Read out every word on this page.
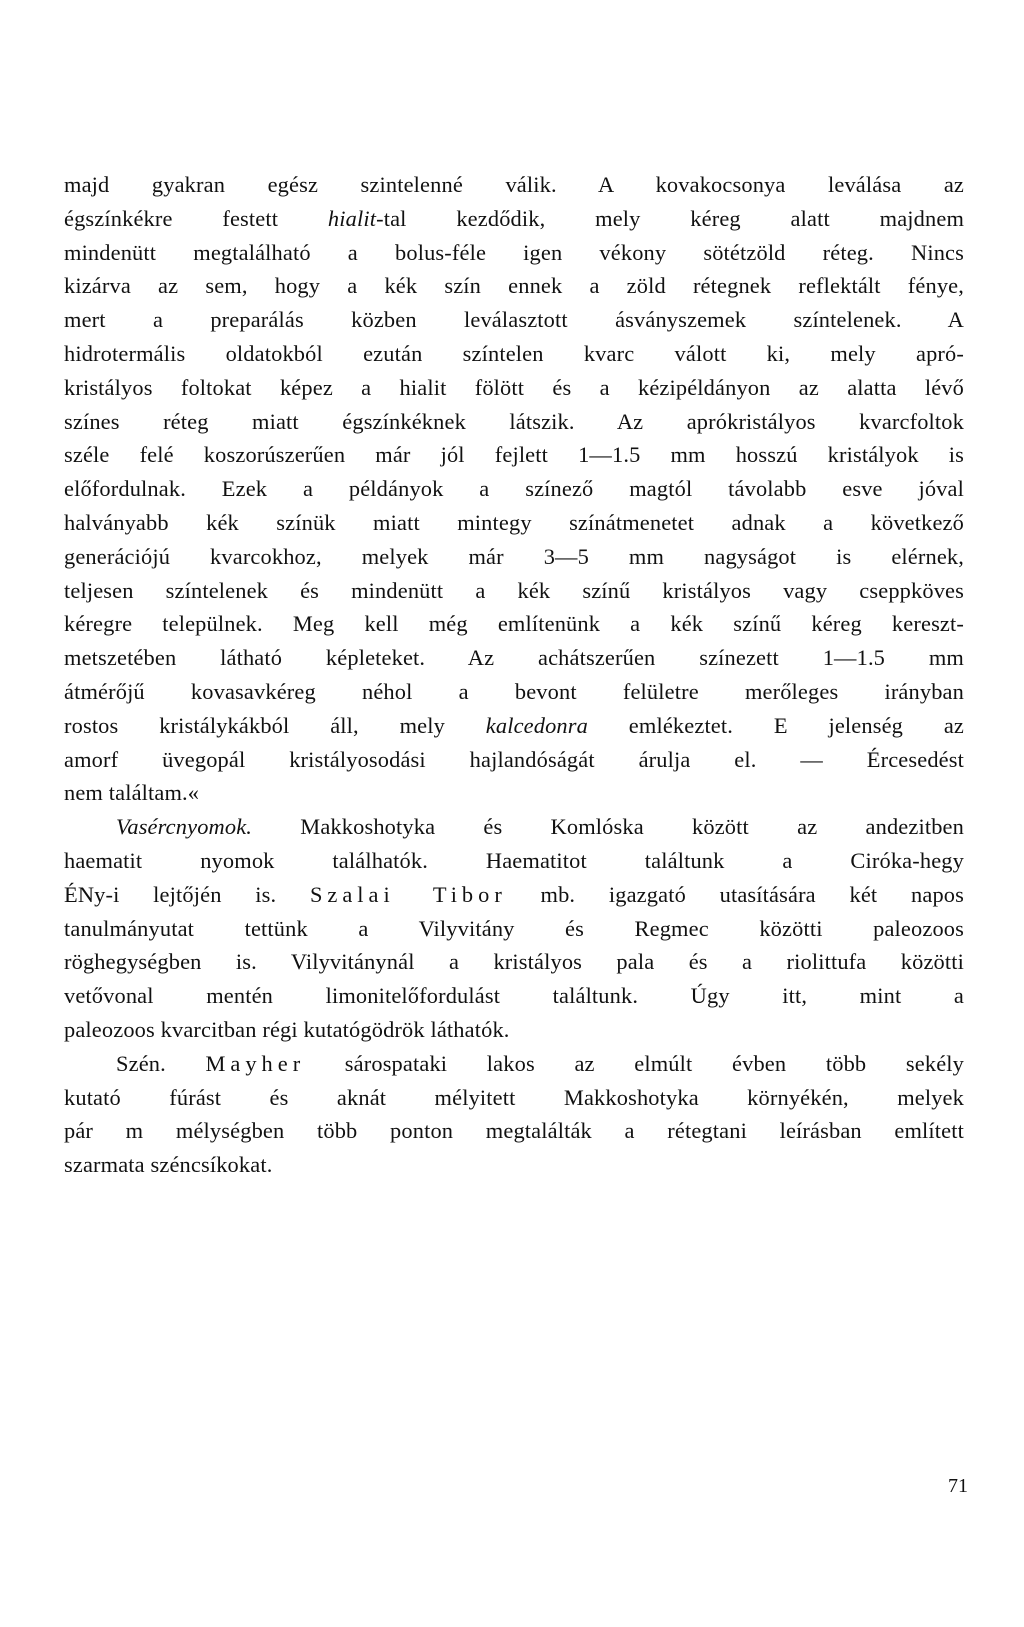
majd gyakran egész szintelenné válik. A kovakocsonya leválása az
égszínkékre festett hialit-tal kezdődik, mely kéreg alatt majdnem
mindenütt megtalálható a bolus-féle igen vékony sötétzöld réteg. Nincs
kizárva az sem, hogy a kék szín ennek a zöld rétegnek reflektált fénye,
mert a preparálás közben leválasztott ásványszemek színtelenek. A
hidrotermális oldatokból ezután színtelen kvarc válott ki, mely apró-
kristályos foltokat képez a hialit fölött és a kézipéldányon az alatta lévő
színes réteg miatt égszínkéknek látszik. Az aprókristályos kvarcfoltok
széle felé koszorúszerűen már jól fejlett 1—1.5 mm hosszú kristályok is
előfordulnak. Ezek a példányok a színező magtól távolabb esve jóval
halványabb kék színük miatt mintegy színátmenetet adnak a következő
generációjú kvarcokhoz, melyek már 3—5 mm nagyságot is elérnek,
teljesen színtelenek és mindenütt a kék színű kristályos vagy cseppköves
kéregre települnek. Meg kell még említenünk a kék színű kéreg kereszt-
metszetében látható képleteket. Az achátszerűen színezett 1—1.5 mm
átmérőjű kovasavkéreg néhol a bevont felületre merőleges irányban
rostos kristálykákból áll, mely kalcedonra emlékeztet. E jelenség az
amorf üvegopál kristályosodási hajlandóságát árulja el. — Ércesedést
nem találtam.«
Vasércnyomok. Makkoshotyka és Komlóska között az andezitben
haematit nyomok találhatók. Haematitot találtunk a Ciróka-hegy
ÉNy-i lejtőjén is. Szalai Tibor mb. igazgató utasítására két napos
tanulmányutat tettünk a Vilyvitány és Regmec közötti paleozoos
röghegységben is. Vilyvitánynál a kristályos pala és a riolittufa közötti
vetővonal mentén limonitelőfordulást találtunk. Úgy itt, mint a
paleozoos kvarcitban régi kutatógödrök láthatók.
Szén. Mayher sárospataki lakos az elmúlt évben több sekély
kutató fúrást és aknát mélyitett Makkoshotyka környékén, melyek
pár m mélységben több ponton megtalálták a rétegtani leírásban említett
szarmata széncsíkokat.
71
